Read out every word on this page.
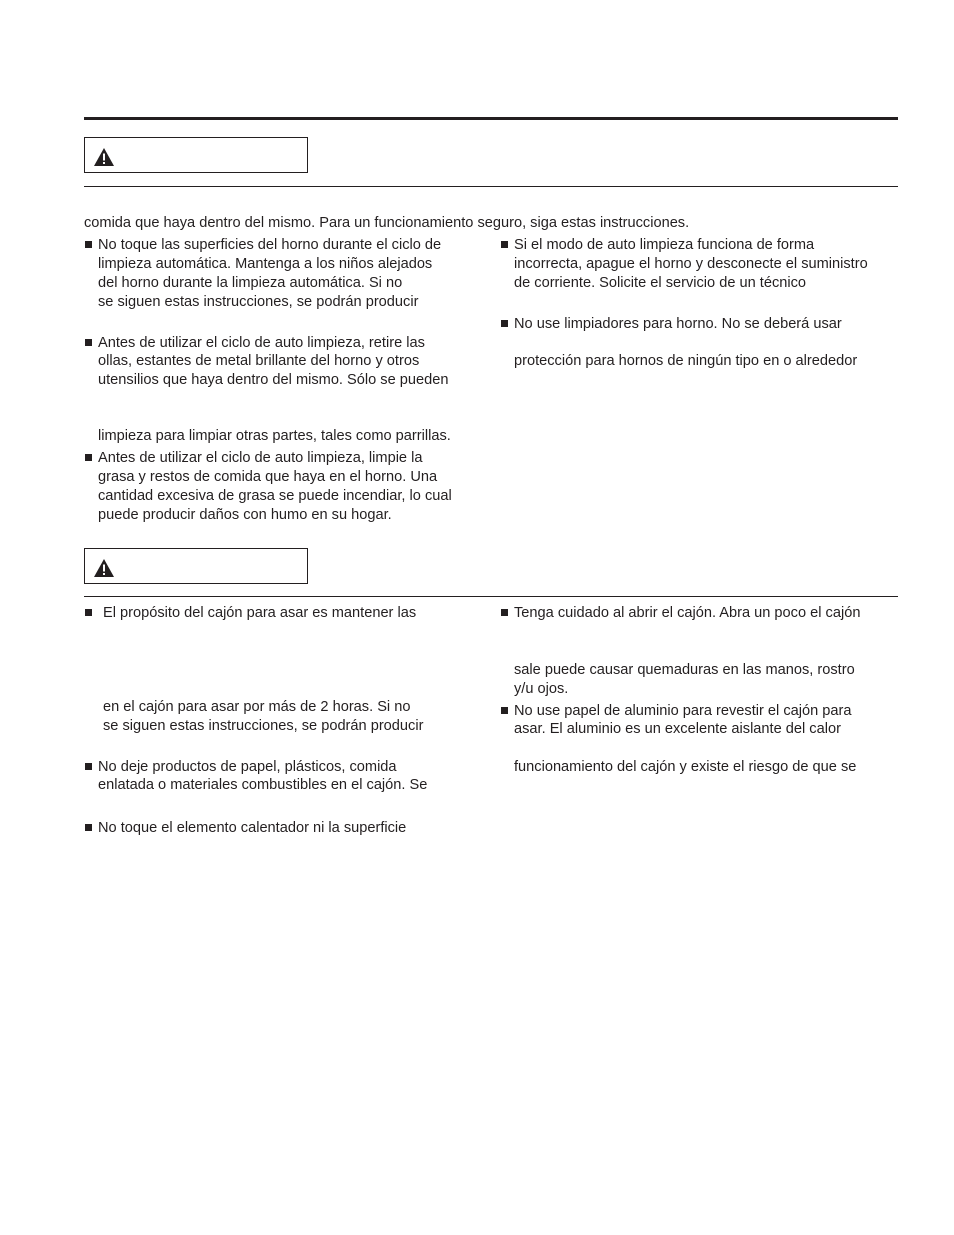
comida que haya dentro del mismo. Para un funcionamiento seguro, siga estas instrucciones.
No toque las superficies del horno durante el ciclo de
limpieza automática. Mantenga a los niños alejados
del horno durante la limpieza automática. Si no
se siguen estas instrucciones, se podrán producir
Antes de utilizar el ciclo de auto limpieza, retire las
ollas, estantes de metal brillante del horno y otros
utensilios que haya dentro del mismo. Sólo se pueden
limpieza para limpiar otras partes, tales como parrillas.
Antes de utilizar el ciclo de auto limpieza, limpie la
grasa y restos de comida que haya en el horno. Una
cantidad excesiva de grasa se puede incendiar, lo cual
puede producir daños con humo en su hogar.
Si el modo de auto limpieza funciona de forma
incorrecta, apague el horno y desconecte el suministro
de corriente. Solicite el servicio de un técnico
No use limpiadores para horno. No se deberá usar
protección para hornos de ningún tipo en o alrededor
El propósito del cajón para asar es mantener las
en el cajón para asar por más de 2 horas. Si no
se siguen estas instrucciones, se podrán producir
No deje productos de papel, plásticos, comida
enlatada o materiales combustibles en el cajón. Se
No toque el elemento calentador ni la superficie
Tenga cuidado al abrir el cajón. Abra un poco el cajón
sale puede causar quemaduras en las manos, rostro
y/u ojos.
No use papel de aluminio para revestir el cajón para
asar. El aluminio es un excelente aislante del calor
funcionamiento del cajón y existe el riesgo de que se
